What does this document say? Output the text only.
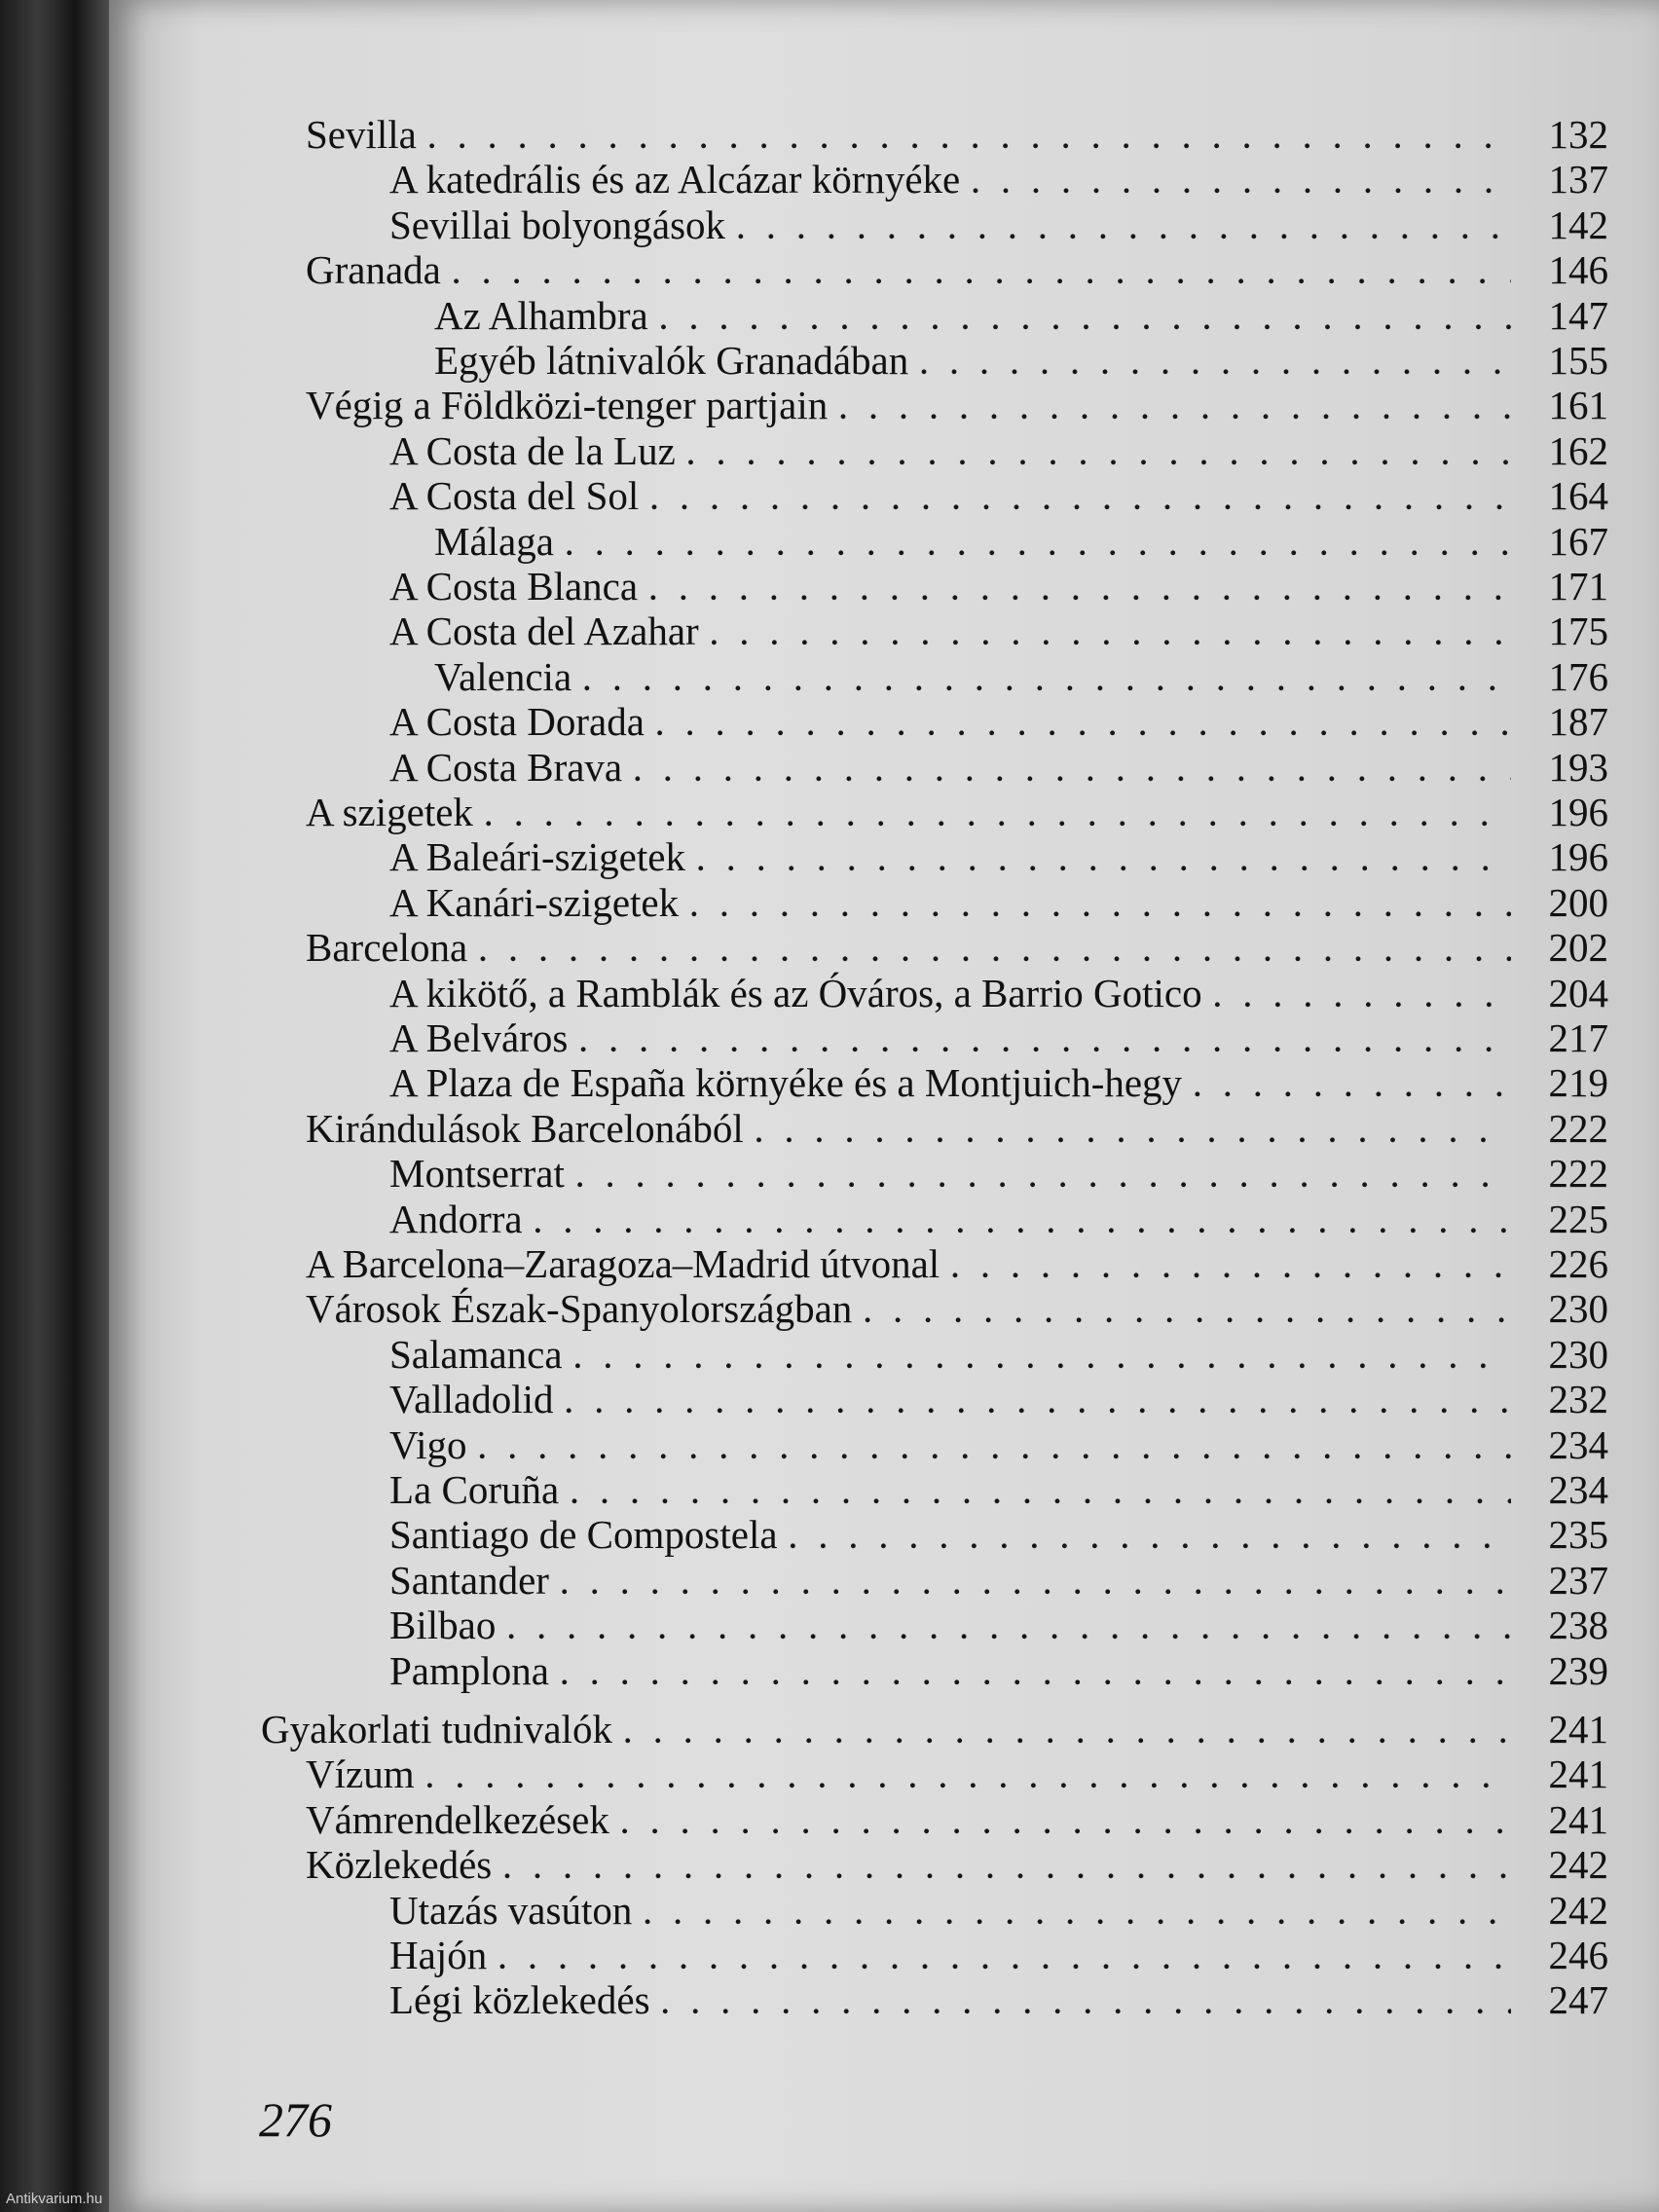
Sevilla . . .	132
A katedrális és az Alcázar környéke . . .	137
Sevillai bolyongások . . .	142
Granada . . .	146
Az Alhambra . . .	147
Egyéb látnivalók Granadában . . .	155
Végig a Földközi-tenger partjain . . .	161
A Costa de la Luz . . .	162
A Costa del Sol . . .	164
Málaga . . .	167
A Costa Blanca . . .	171
A Costa del Azahar . . .	175
Valencia . . .	176
A Costa Dorada . . .	187
A Costa Brava . . .	193
A szigetek . . .	196
A Baleári-szigetek . . .	196
A Kanári-szigetek . . .	200
Barcelona . . .	202
A kikötő, a Ramblák és az Óváros, a Barrio Gotico . . .	204
A Belváros . . .	217
A Plaza de España környéke és a Montjuich-hegy . . .	219
Kirándulások Barcelonából . . .	222
Montserrat . . .	222
Andorra . . .	225
A Barcelona–Zaragoza–Madrid útvonal . . .	226
Városok Észak-Spanyolországban . . .	230
Salamanca . . .	230
Valladolid . . .	232
Vigo . . .	234
La Coruña . . .	234
Santiago de Compostela . . .	235
Santander . . .	237
Bilbao . . .	238
Pamplona . . .	239
Gyakorlati tudnivalók . . .	241
Vízum . . .	241
Vámrendelkezések . . .	241
Közlekedés . . .	242
Utazás vasúton . . .	242
Hajón . . .	246
Légi közlekedés . . .	247
276
Antikvarium.hu
